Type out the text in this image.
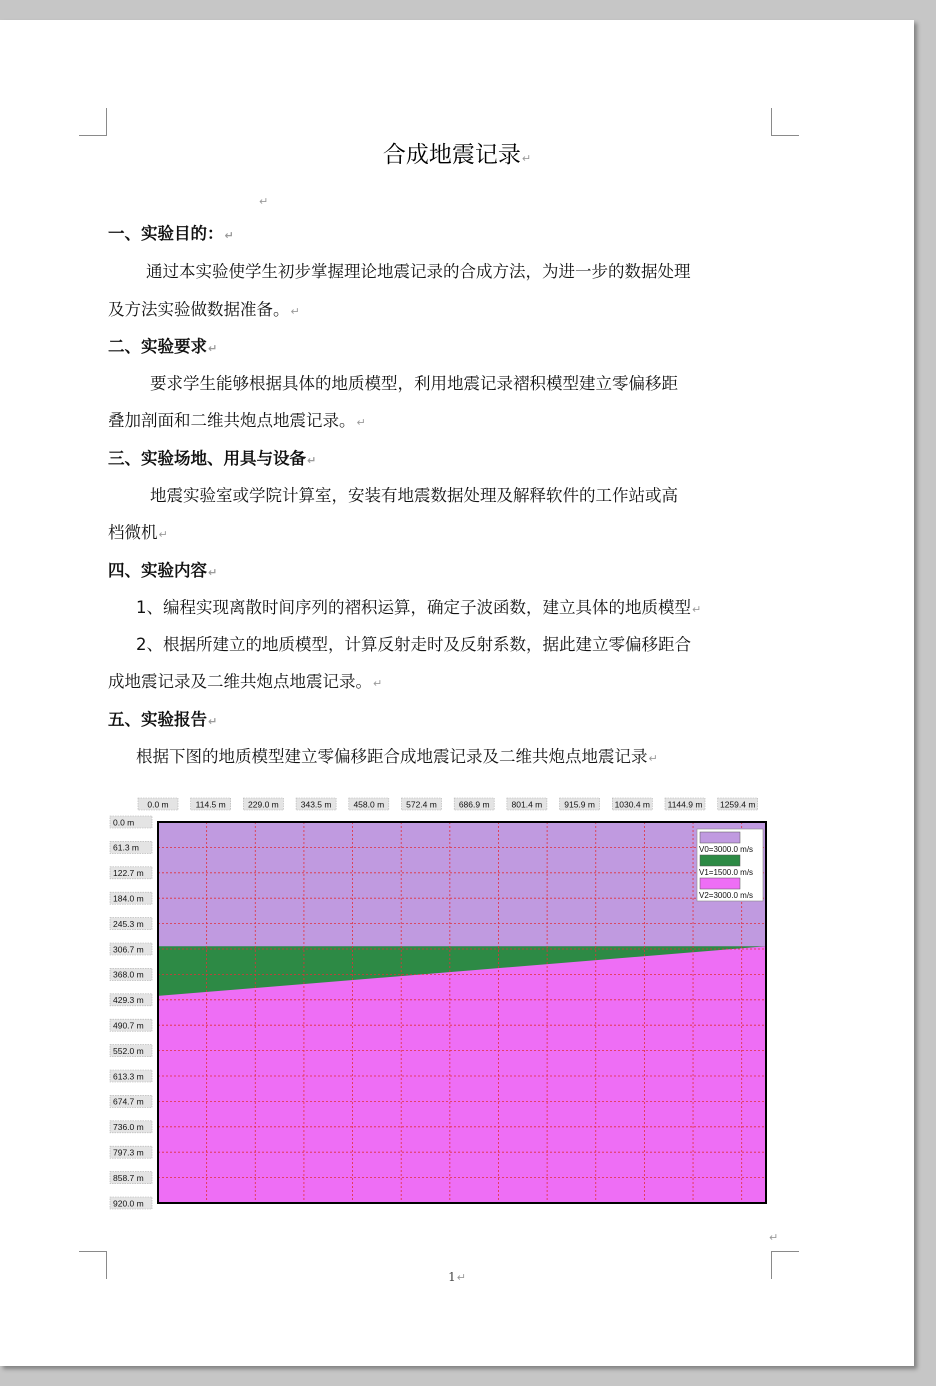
合成地震记录↵
↵
一、实验目的：↵
通过本实验使学生初步掌握理论地震记录的合成方法，为进一步的数据处理
及方法实验做数据准备。↵
二、实验要求↵
要求学生能够根据具体的地质模型，利用地震记录褶积模型建立零偏移距
叠加剖面和二维共炮点地震记录。↵
三、实验场地、用具与设备↵
地震实验室或学院计算室，安装有地震数据处理及解释软件的工作站或高
档微机↵
四、实验内容↵
1、编程实现离散时间序列的褶积运算，确定子波函数，建立具体的地质模型↵
2、根据所建立的地质模型，计算反射走时及反射系数，据此建立零偏移距合
成地震记录及二维共炮点地震记录。↵
五、实验报告↵
根据下图的地质模型建立零偏移距合成地震记录及二维共炮点地震记录↵
0.0 m	114.5 m	229.0 m	343.5 m	458.0 m	572.4 m	686.9 m	801.4 m	915.9 m 1030.4 m 1144.9 m 1259.4 m
0.0 m
61.3 m
122.7 m
184.0 m
245.3 m
306.7 m
368.0 m
429.3 m
490.7 m
552.0 m
613.3 m
674.7 m
736.0 m
797.3 m
858.7 m
920.0 m
V0=3000.0 m/s
V1=1500.0 m/s
V2=3000.0 m/s
↵
1↵
